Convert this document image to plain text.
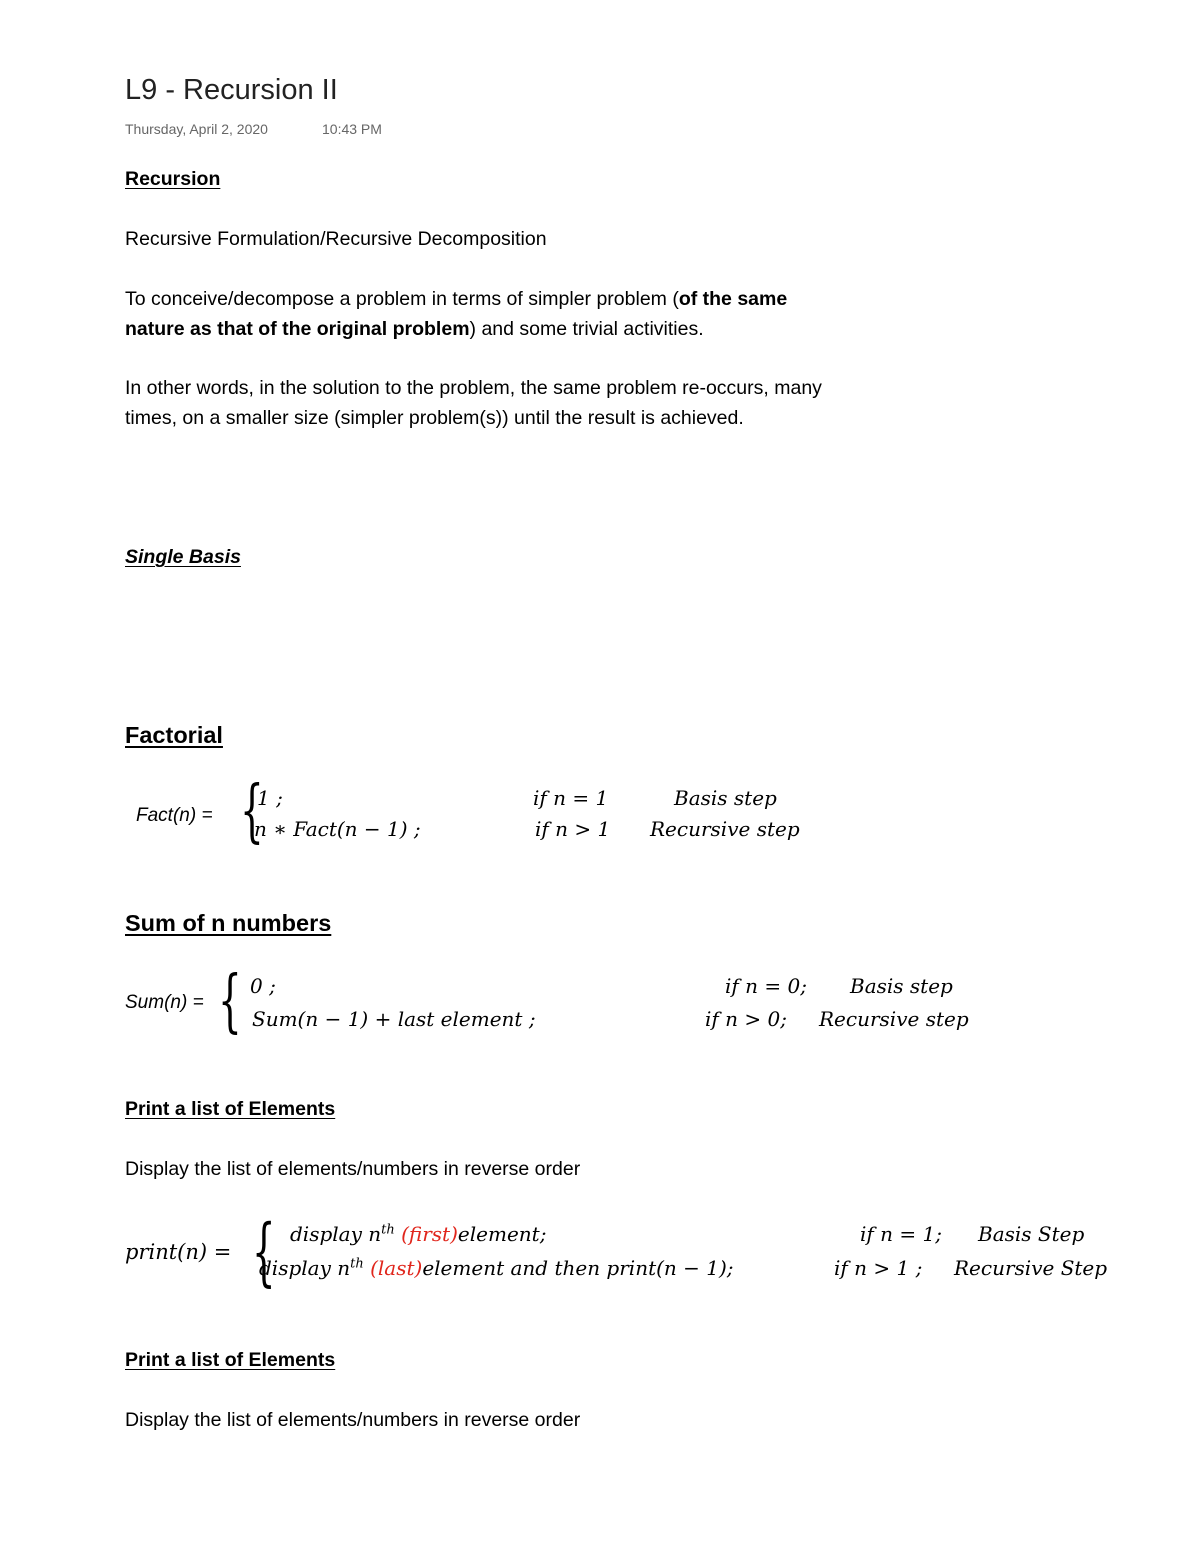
L9 - Recursion II
Thursday, April 2, 2020	10:43 PM
Recursion
Recursive Formulation/Recursive Decomposition
To conceive/decompose a problem in terms of simpler problem (of the same
nature as that of the original problem) and some trivial activities.
In other words, in the solution to the problem, the same problem re-occurs, many
times, on a smaller size (simpler problem(s)) until the result is achieved.
Single Basis
Factorial
Fact(n) = {
1 ;	if n = 1	Basis step
n ∗ Fact(n − 1) ;	if n > 1 Recursive step
Sum of n numbers
Sum(n) = { 0 ;	if n = 0; Basis step
Sum(n − 1) + last element ;	if n > 0; Recursive step
Print a list of Elements
Display the list of elements/numbers in reverse order
print(n) = { display $n^{th}$ (first)element;	if n = 1; Basis Step
display $n^{th}$ (last)element and then print(n − 1);	if n > 1 ; Recursive Step
Print a list of Elements
Display the list of elements/numbers in reverse order
